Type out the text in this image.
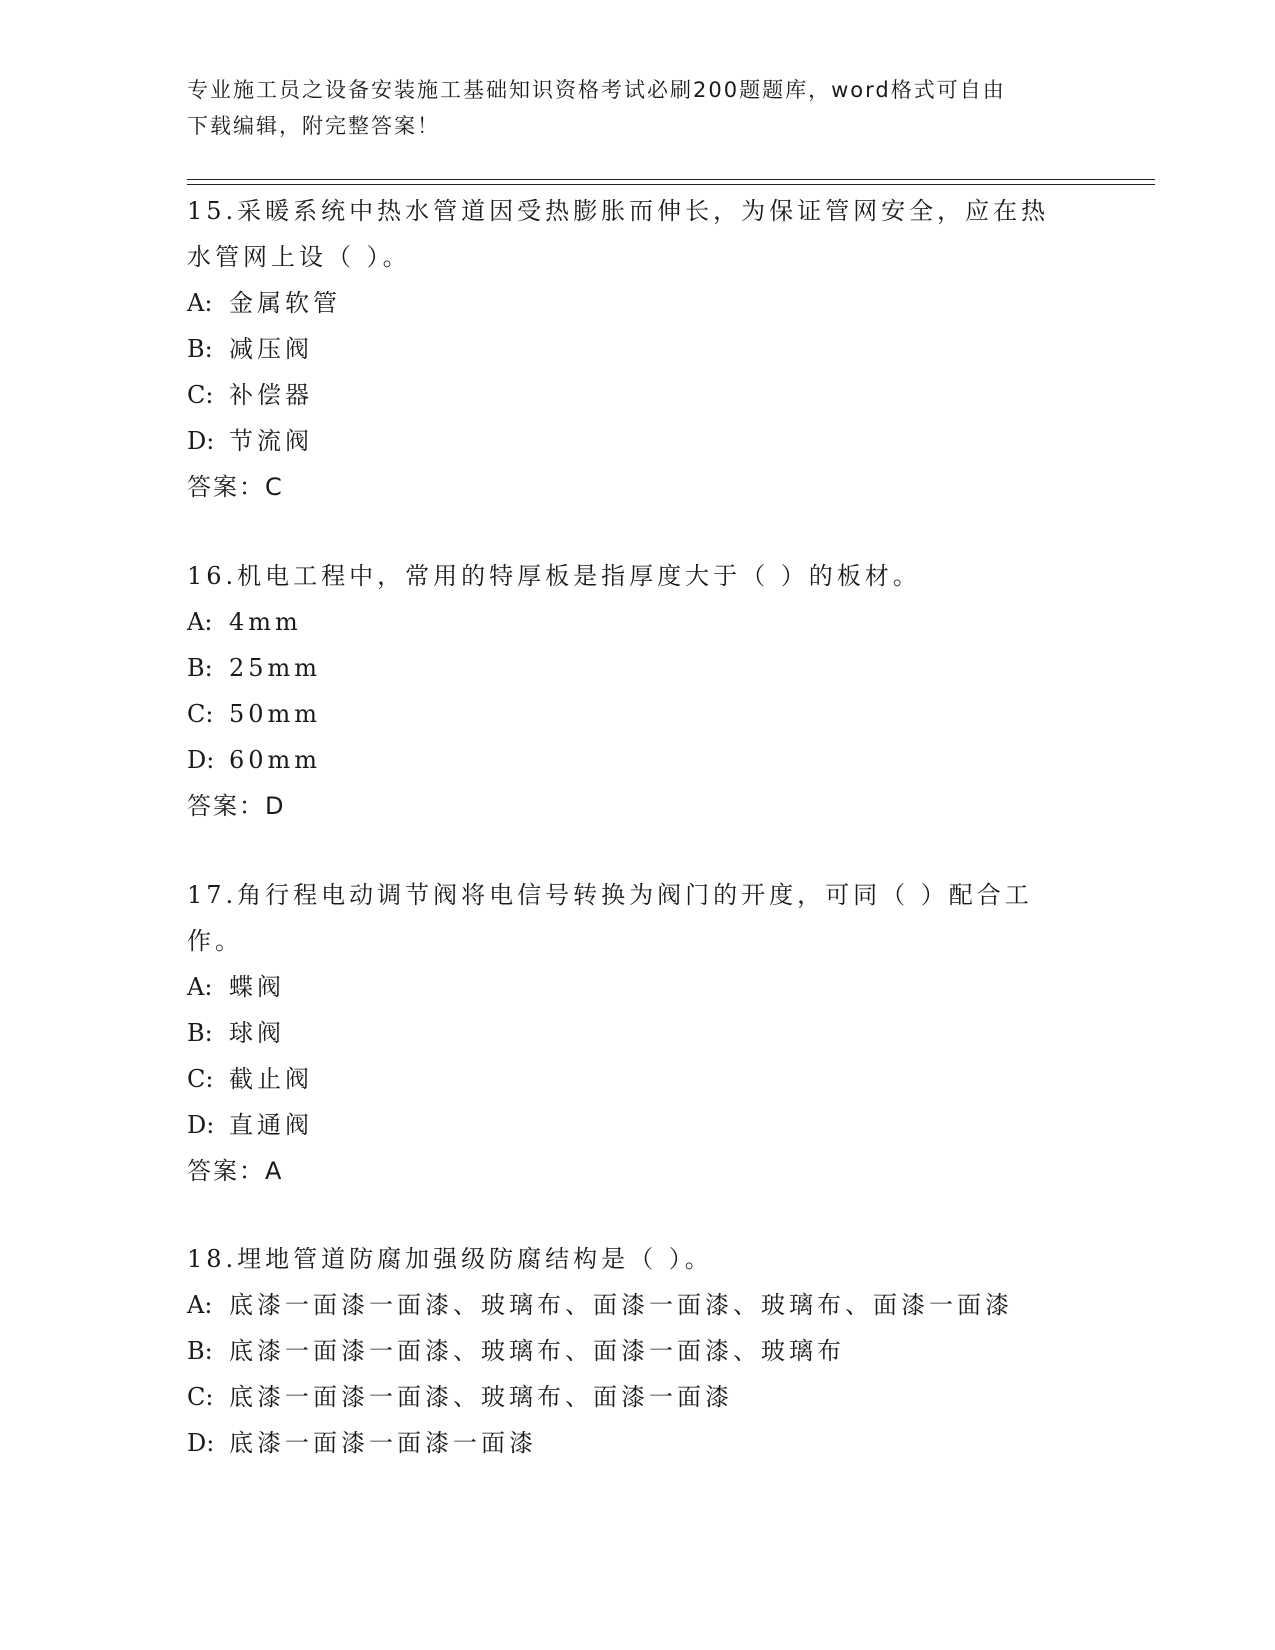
专业施工员之设备安装施工基础知识资格考试必刷200题题库，word格式可自由
下载编辑，附完整答案！

15.采暖系统中热水管道因受热膨胀而伸长，为保证管网安全，应在热

水管网上设（ ）。

A: 金属软管

B: 减压阀

C: 补偿器

D: 节流阀

答案：C

16.机电工程中，常用的特厚板是指厚度大于（ ）的板材。

A: 4mm

B: 25mm

C: 50mm

D: 60mm

答案：D

17.角行程电动调节阀将电信号转换为阀门的开度，可同（ ）配合工

作。

A: 蝶阀

B: 球阀

C: 截止阀

D: 直通阀

答案：A

18.埋地管道防腐加强级防腐结构是（ ）。

A: 底漆一面漆一面漆、玻璃布、面漆一面漆、玻璃布、面漆一面漆

B: 底漆一面漆一面漆、玻璃布、面漆一面漆、玻璃布

C: 底漆一面漆一面漆、玻璃布、面漆一面漆

D: 底漆一面漆一面漆一面漆
